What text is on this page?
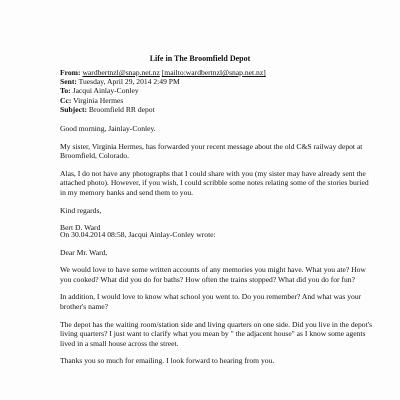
Life in The Broomfield Depot
From: wardbertnzl@snap.net.nz [mailto:wardbertnzl@snap.net.nz]
Sent: Tuesday, April 29, 2014 2:49 PM
To: Jacqui Ainlay-Conley
Cc: Virginia Hermes
Subject: Broomfield RR depot

Good morning, Jainlay-Conley.

My sister, Virginia Hermes, has forwarded your recent message about the old C&S railway depot at Broomfield, Colorado.

Alas, I do not have any photographs that I could share with you (my sister may have already sent the attached photo). However, if you wish, I could scribble some notes relating some of the stories buried in my memory banks and send them to you.

Kind regards,

Bert D. Ward

On 30.04.2014 08:58, Jacqui Ainlay-Conley wrote:

Dear Mr. Ward,

We would love to have some written accounts of any memories you might have. What you ate? How you cooked? What did you do for baths? How often the trains stopped? What did you do for fun?

In addition, I would love to know what school you went to. Do you remember? And what was your brother's name?

The depot has the waiting room/station side and living quarters on one side. Did you live in the depot's living quarters? I just want to clarify what you mean by " the adjacent house" as I know some agents lived in a small house across the street.

Thanks you so much for emailing. I look forward to hearing from you.
